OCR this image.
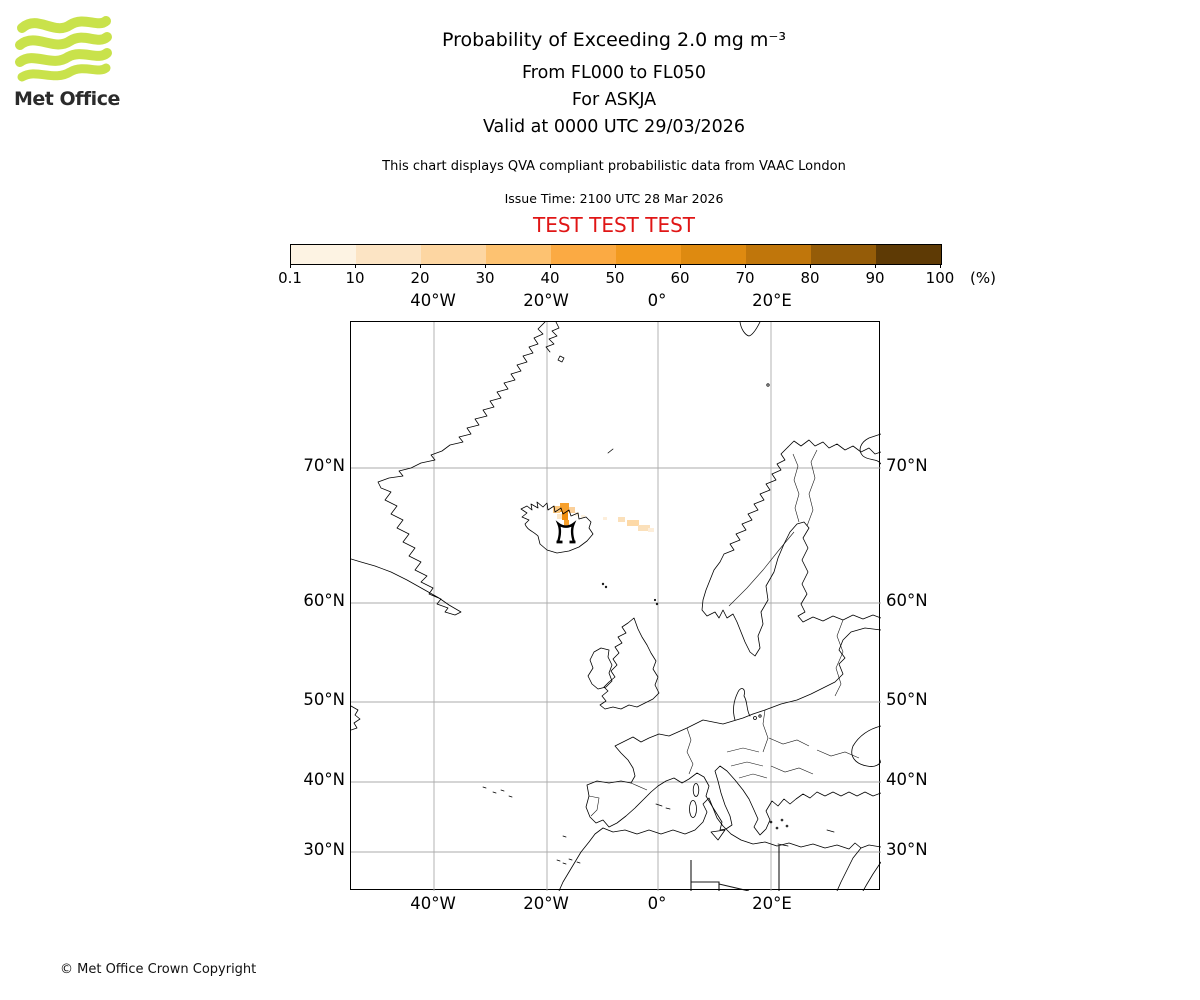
Met Office
Probability of Exceeding 2.0 mg m⁻³
From FL000 to FL050
For ASKJA
Valid at 0000 UTC 29/03/2026
This chart displays QVA compliant probabilistic data from VAAC London
Issue Time: 2100 UTC 28 Mar 2026
TEST TEST TEST
0.1	10	20	30	40	50	60	70	80	90	100 (%)
40°W	20°W	0°	20°E
40°W	20°W	0°	20°E
70°N
60°N
50°N
40°N
30°N
70°N
60°N
50°N
40°N
30°N
© Met Office Crown Copyright
